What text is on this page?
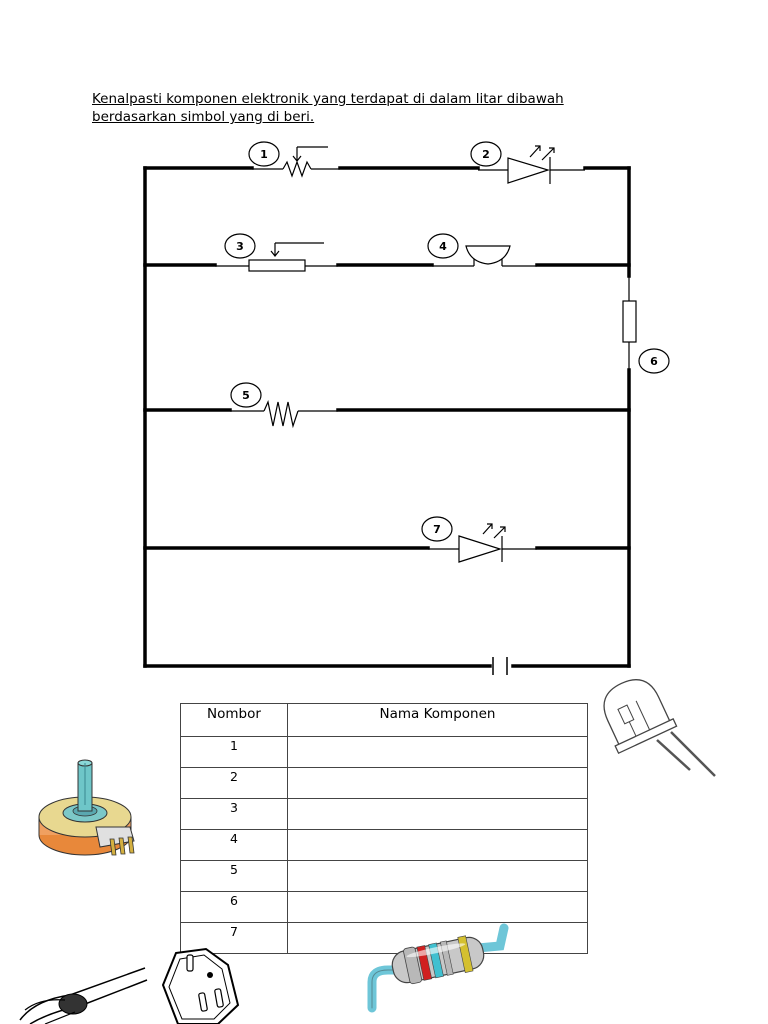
Kenalpasti komponen elektronik yang terdapat di dalam litar dibawah
berdasarkan simbol yang di beri.

1	2
3	4
5
6
7
Nombor	Nama Komponen
1	
2	
3	
4	
5	
6	
7	
